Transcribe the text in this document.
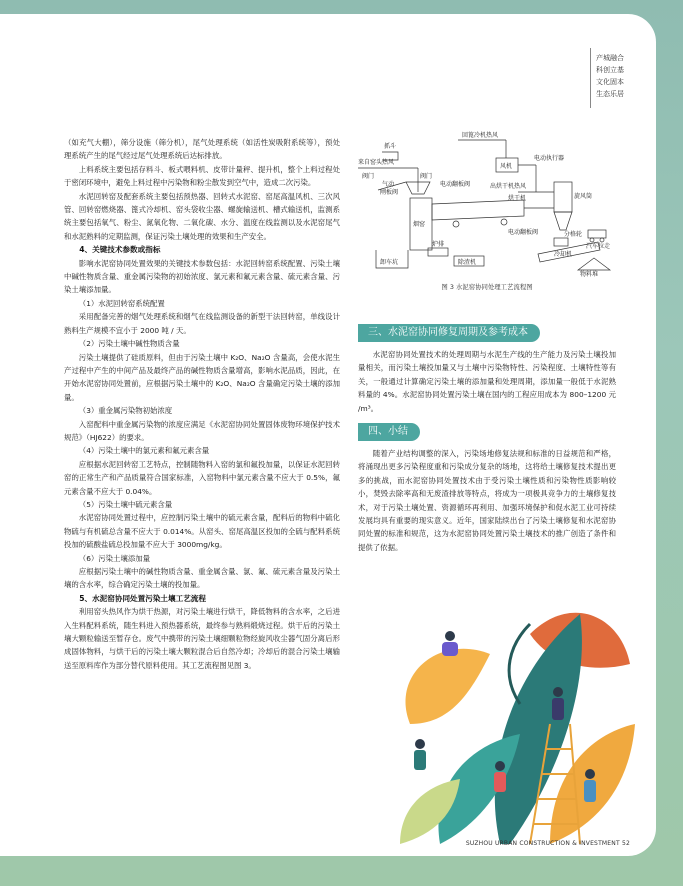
产城融合
科创立基
文化固本
生态乐居

（如充气大棚），筛分设施（筛分机），尾气处理系统（如活性炭吸附系统等），预处理系统产生的尾气经过尾气处理系统后达标排放。

上料系统主要包括存料斗、板式喂料机、皮带计量秤、提升机，整个上料过程处于密闭环境中，避免上料过程中污染物和粉尘散发到空气中，造成二次污染。

水泥回转窑及配套系统主要包括预热器、回转式水泥窑、窑尾高温风机、三次风管、回转窑燃烧器、篦式冷却机、窑头袋收尘器、螺旋输送机、槽式输送机，监测系统主要包括氧气、粉尘、氮氧化物、二氧化碳、水分、温度在线监测以及水泥窑尾气和水泥熟料的定期监测，保证污染土壤处理的效果和生产安全。

4、关键技术参数或指标

影响水泥窑协同处置效果的关键技术参数包括：水泥回转窑系统配置、污染土壤中碱性物质含量、重金属污染物的初始浓度、氯元素和氟元素含量、硫元素含量、污染土壤添加量。

（1）水泥回转窑系统配置

采用配备完善的烟气处理系统和烟气在线监测设备的新型干法回转窑，单线设计熟料生产规模不宜小于 2000 吨 / 天。

（2）污染土壤中碱性物质含量

污染土壤提供了硅质原料，但由于污染土壤中 K₂O、Na₂O 含量高，会使水泥生产过程中产生的中间产品及最终产品的碱性物质含量增高，影响水泥品质，因此，在开始水泥窑协同处置前，应根据污染土壤中的 K₂O、Na₂O 含量确定污染土壤的添加量。

（3）重金属污染物初始浓度

入窑配料中重金属污染物的浓度应满足《水泥窑协同处置固体废物环境保护技术规范》（HJ622）的要求。

（4）污染土壤中的氯元素和氟元素含量

应根据水泥回转窑工艺特点，控制随物料入窑的氯和氟投加量，以保证水泥回转窑的正常生产和产品质量符合国家标准，入窑物料中氯元素含量不应大于 0.5%，氟元素含量不应大于 0.04%。

（5）污染土壤中硫元素含量

水泥窑协同处置过程中，应控制污染土壤中的硫元素含量，配料后的物料中硫化物硫与有机硫总含量不应大于 0.014%。从窑头、窑尾高温区投加的全硫与配料系统投加的硫酸盐硫总投加量不应大于 3000mg/kg。

（6）污染土壤添加量

应根据污染土壤中的碱性物质含量、重金属含量、氯、氟、硫元素含量及污染土壤的含水率，综合确定污染土壤的投加量。

5、水泥窑协同处置污染土壤工艺流程

利用窑头热风作为烘干热源，对污染土壤进行烘干，降低物料的含水率，之后进入生料配料系统，随生料进入预热器系统，最终参与熟料煅烧过程。烘干后的污染土壤大颗粒输送至暂存仓。废气中携带的污染土壤细颗粒物经旋风收尘器气固分离后形成固体物料，与烘干后的污染土壤大颗粒混合后自然冷却；冷却后的混合污染土壤输送至原料库作为部分替代原料使用。其工艺流程图见图 3。

回篦冷机热风
抓斗
风机
电动执行器
来自窑头热风
阀门	阀门
气动
闸板阀
电动翻板阀	出烘干机热风
烘干机
烟窑
炉排
旋风筒
电动翻板阀	分格轮
冷却机
汽车拉走
物料堆
除渣机
卸车坑
图 3 水泥窑协同处理工艺流程图
三、水泥窑协同修复周期及参考成本

水泥窑协同处置技术的处理周期与水泥生产线的生产能力及污染土壤投加量相关，而污染土壤投加量又与土壤中污染物特性、污染程度、土壤特性等有关，一般通过计算确定污染土壤的添加量和处理周期，添加量一般低于水泥熟料量的 4%。水泥窑协同处置污染土壤在国内的工程应用成本为 800–1200 元 /m³。

四、小结

随着产业结构调整的深入，污染场地修复法规和标准的日益规范和严格，将涌现出更多污染程度重和污染成分复杂的场地，这将给土壤修复技术提出更多的挑战，而水泥窑协同处置技术由于受污染土壤性质和污染物性质影响较小，焚毁去除率高和无废渣排放等特点，将成为一项极具竞争力的土壤修复技术，对于污染土壤处置、资源循环再利用、加强环境保护和促水泥工业可持续发展均具有重要的现实意义。近年，国家陆续出台了污染土壤修复和水泥窑协同处置的标准和规范，这为水泥窑协同处置污染土壤技术的推广创造了条件和提供了依据。

SUZHOU URBAN CONSTRUCTION & INVESTMENT 52
